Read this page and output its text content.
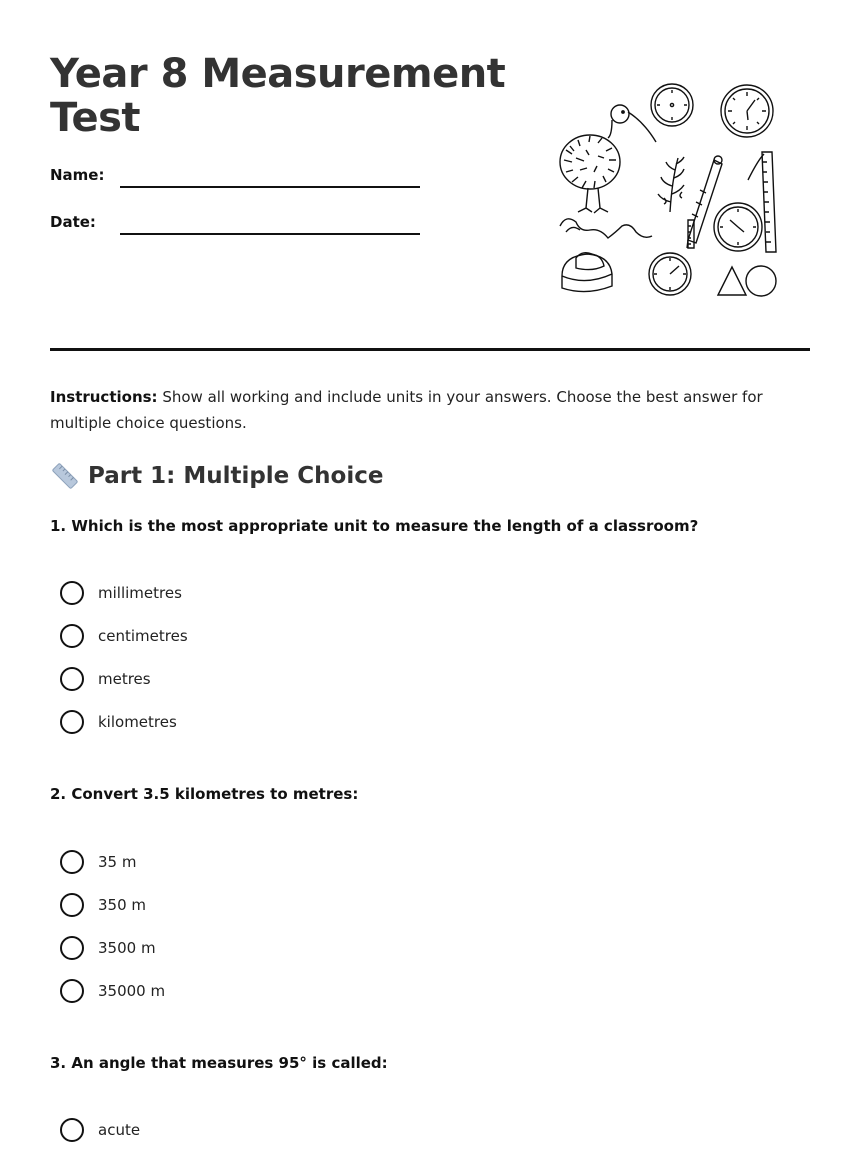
Year 8 Measurement
Test
Name:
Date:

Instructions: Show all working and include units in your answers. Choose the best answer for multiple choice questions.

Part 1: Multiple Choice
1. Which is the most appropriate unit to measure the length of a classroom?
millimetres
centimetres
metres
kilometres
2. Convert 3.5 kilometres to metres:
35 m
350 m
3500 m
35000 m
3. An angle that measures 95° is called:
acute
